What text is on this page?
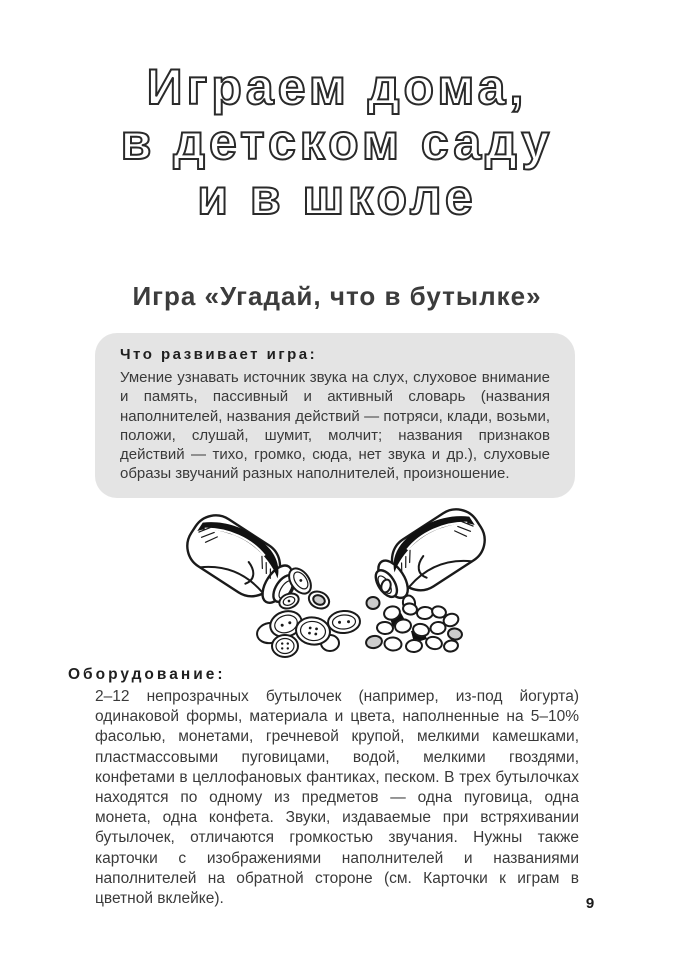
Играем дома,
в детском саду
и в школе
Игра «Угадай, что в бутылке»

Что развивает игра:

Умение узнавать источник звука на слух, слуховое внимание и память, пассивный и активный словарь (названия наполнителей, названия действий — потряси, клади, возьми, положи, слушай, шумит, молчит; названия признаков действий — тихо, громко, сюда, нет звука и др.), слуховые образы звучаний разных наполнителей, произношение.

Оборудование:

2–12 непрозрачных бутылочек (например, из-под йогурта) одинаковой формы, материала и цвета, наполненные на 5–10% фасолью, монетами, гречневой крупой, мелкими камешками, пластмассовыми пуговицами, водой, мелкими гвоздями, конфетами в целлофановых фантиках, песком. В трех бутылочках находятся по одному из предметов — одна пуговица, одна монета, одна конфета. Звуки, издаваемые при встряхивании бутылочек, отличаются громкостью звучания. Нужны также карточки с изображениями наполнителей и названиями наполнителей на обратной стороне (см. Карточки к играм в цветной вклейке).	9
